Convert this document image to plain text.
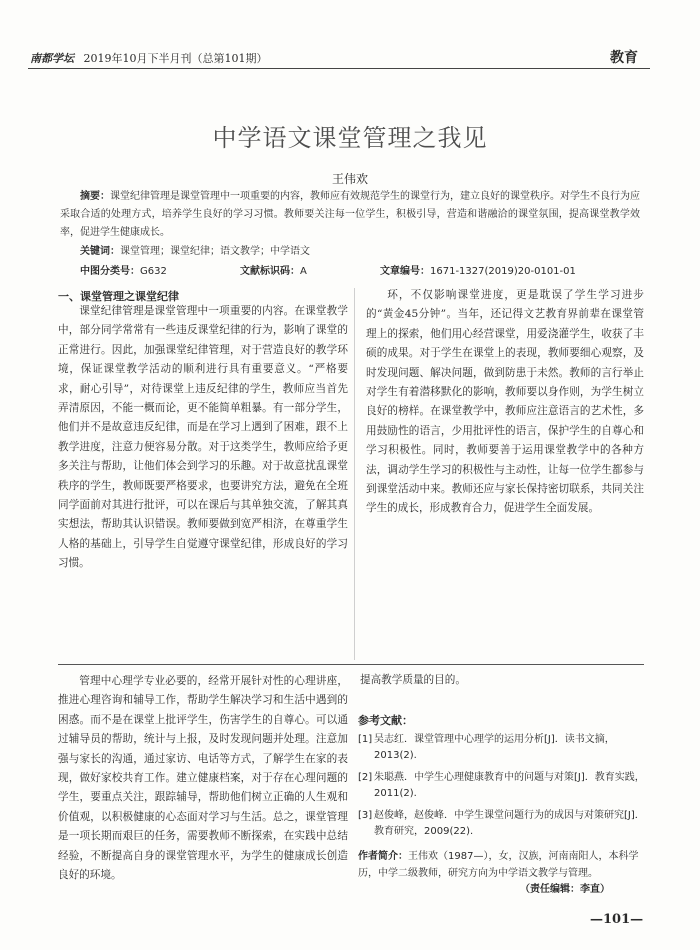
南都学坛 2019年10月下半月刊（总第101期）	教育
中学语文课堂管理之我见
王伟欢
摘要：课堂纪律管理是课堂管理中一项重要的内容，教师应有效规范学生的课堂行为，建立良好的课堂秩序。对学生不良行为应采取合适的处理方式，培养学生良好的学习习惯。教师要关注每一位学生，积极引导，营造和谐融洽的课堂氛围，提高课堂教学效率，促进学生健康成长。
关键词：课堂管理；课堂纪律；语文教学；中学语文
中图分类号：G632	文献标识码：A	文章编号：1671-1327(2019)20-0101-01
一、课堂管理之课堂纪律
课堂纪律管理是课堂管理中一项重要的内容。在课堂教学中，部分同学常常有一些违反课堂纪律的行为，影响了课堂的正常进行。因此，加强课堂纪律管理，对于营造良好的教学环境，保证课堂教学活动的顺利进行具有重要意义。“严格要求，耐心引导”，对待课堂上违反纪律的学生，教师应当首先弄清原因，不能一概而论，更不能简单粗暴。有一部分学生，他们并不是故意违反纪律，而是在学习上遇到了困难，跟不上教学进度，注意力便容易分散。对于这类学生，教师应给予更多关注与帮助，让他们体会到学习的乐趣。对于故意扰乱课堂秩序的学生，教师既要严格要求，也要讲究方法，避免在全班同学面前对其进行批评，可以在课后与其单独交流，了解其真实想法，帮助其认识错误。教师要做到宽严相济，在尊重学生人格的基础上，引导学生自觉遵守课堂纪律，形成良好的学习习惯。
环，不仅影响课堂进度，更是耽误了学生学习进步的“黄金45分钟”。当年，还记得文艺教育界前辈在课堂管理上的探索，他们用心经营课堂，用爱浇灌学生，收获了丰硕的成果。对于学生在课堂上的表现，教师要细心观察，及时发现问题、解决问题，做到防患于未然。教师的言行举止对学生有着潜移默化的影响，教师要以身作则，为学生树立良好的榜样。在课堂教学中，教师应注意语言的艺术性，多用鼓励性的语言，少用批评性的语言，保护学生的自尊心和学习积极性。同时，教师要善于运用课堂教学中的各种方法，调动学生学习的积极性与主动性，让每一位学生都参与到课堂活动中来。教师还应与家长保持密切联系，共同关注学生的成长，形成教育合力，促进学生全面发展。
管理中心理学专业必要的，经常开展针对性的心理讲座，推进心理咨询和辅导工作，帮助学生解决学习和生活中遇到的困惑。而不是在课堂上批评学生，伤害学生的自尊心。可以通过辅导员的帮助，统计与上报，及时发现问题并处理。注意加强与家长的沟通，通过家访、电话等方式，了解学生在家的表现，做好家校共育工作。建立健康档案，对于存在心理问题的学生，要重点关注，跟踪辅导，帮助他们树立正确的人生观和价值观，以积极健康的心态面对学习与生活。总之，课堂管理是一项长期而艰巨的任务，需要教师不断探索，在实践中总结经验，不断提高自身的课堂管理水平，为学生的健康成长创造良好的环境。
提高教学质量的目的。
参考文献：
[1] 吴志红．课堂管理中心理学的运用分析[J]．读书文摘，2013(2).
[2] 朱聪燕．中学生心理健康教育中的问题与对策[J]．教育实践，2011(2).
[3] 赵俊峰，赵俊峰．中学生课堂问题行为的成因与对策研究[J]．教育研究，2009(22).
作者简介：王伟欢（1987—），女，汉族，河南南阳人，本科学历，中学二级教师，研究方向为中学语文教学与管理。
（责任编辑：李直）
—101—
